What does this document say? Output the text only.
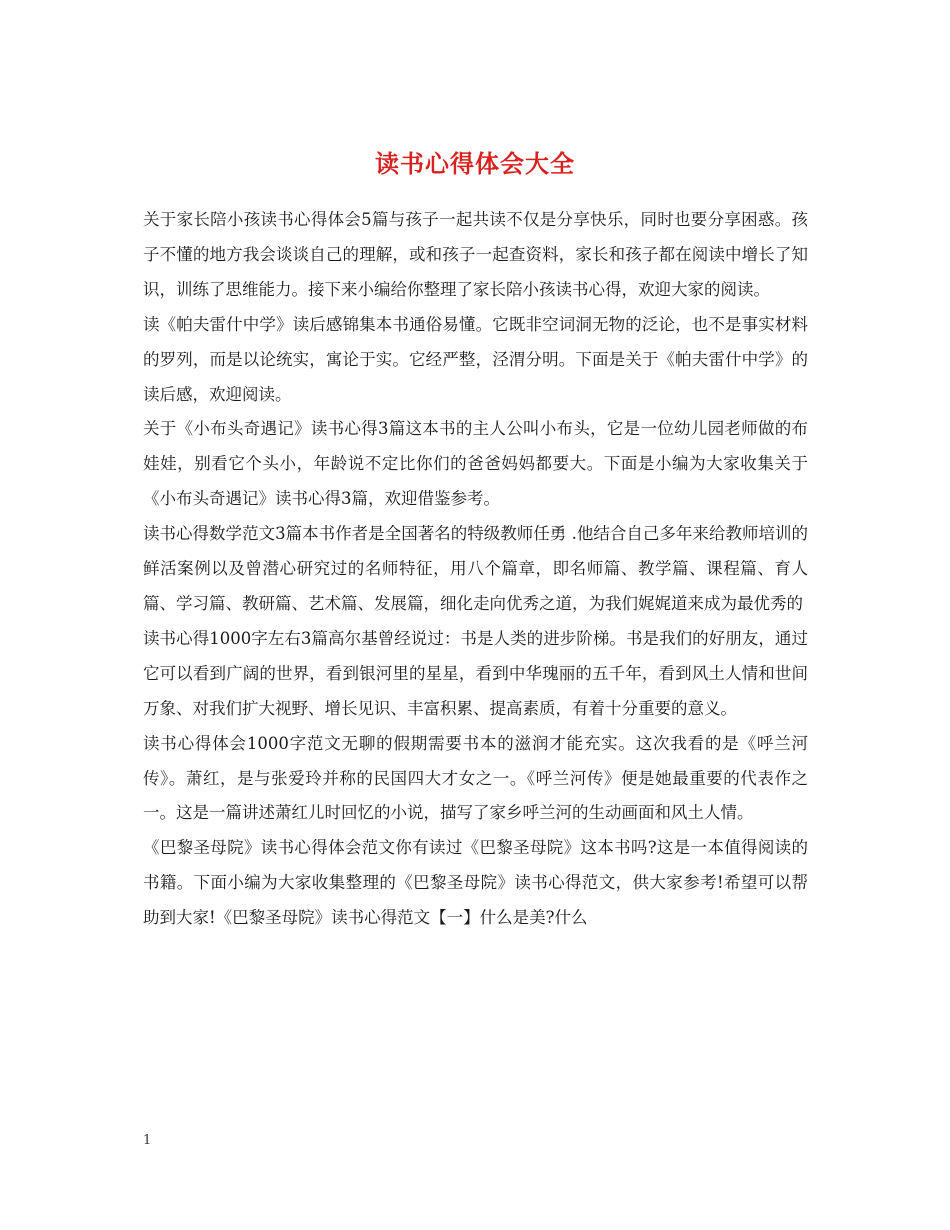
读书心得体会大全

关于家长陪小孩读书心得体会5篇与孩子一起共读不仅是分享快乐，同时也要分享困惑。孩子不懂的地方我会谈谈自己的理解，或和孩子一起查资料，家长和孩子都在阅读中增长了知识，训练了思维能力。接下来小编给你整理了家长陪小孩读书心得，欢迎大家的阅读。

读《帕夫雷什中学》读后感锦集本书通俗易懂。它既非空词洞无物的泛论，也不是事实材料的罗列，而是以论统实，寓论于实。它经严整，泾渭分明。下面是关于《帕夫雷什中学》的读后感，欢迎阅读。

关于《小布头奇遇记》读书心得3篇这本书的主人公叫小布头，它是一位幼儿园老师做的布娃娃，别看它个头小，年龄说不定比你们的爸爸妈妈都要大。下面是小编为大家收集关于《小布头奇遇记》读书心得3篇，欢迎借鉴参考。

读书心得数学范文3篇本书作者是全国著名的特级教师任勇 .他结合自己多年来给教师培训的鲜活案例以及曾潜心研究过的名师特征，用八个篇章，即名师篇、教学篇、课程篇、育人篇、学习篇、教研篇、艺术篇、发展篇，细化走向优秀之道，为我们娓娓道来成为最优秀的

读书心得1000字左右3篇高尔基曾经说过：书是人类的进步阶梯。书是我们的好朋友，通过它可以看到广阔的世界，看到银河里的星星，看到中华瑰丽的五千年，看到风土人情和世间万象、对我们扩大视野、增长见识、丰富积累、提高素质，有着十分重要的意义。

读书心得体会1000字范文无聊的假期需要书本的滋润才能充实。这次我看的是《呼兰河传》。萧红，是与张爱玲并称的民国四大才女之一。《呼兰河传》便是她最重要的代表作之一。这是一篇讲述萧红儿时回忆的小说，描写了家乡呼兰河的生动画面和风土人情。

《巴黎圣母院》读书心得体会范文你有读过《巴黎圣母院》这本书吗?这是一本值得阅读的书籍。下面小编为大家收集整理的《巴黎圣母院》读书心得范文，供大家参考!希望可以帮助到大家!《巴黎圣母院》读书心得范文【一】什么是美?什么

1
